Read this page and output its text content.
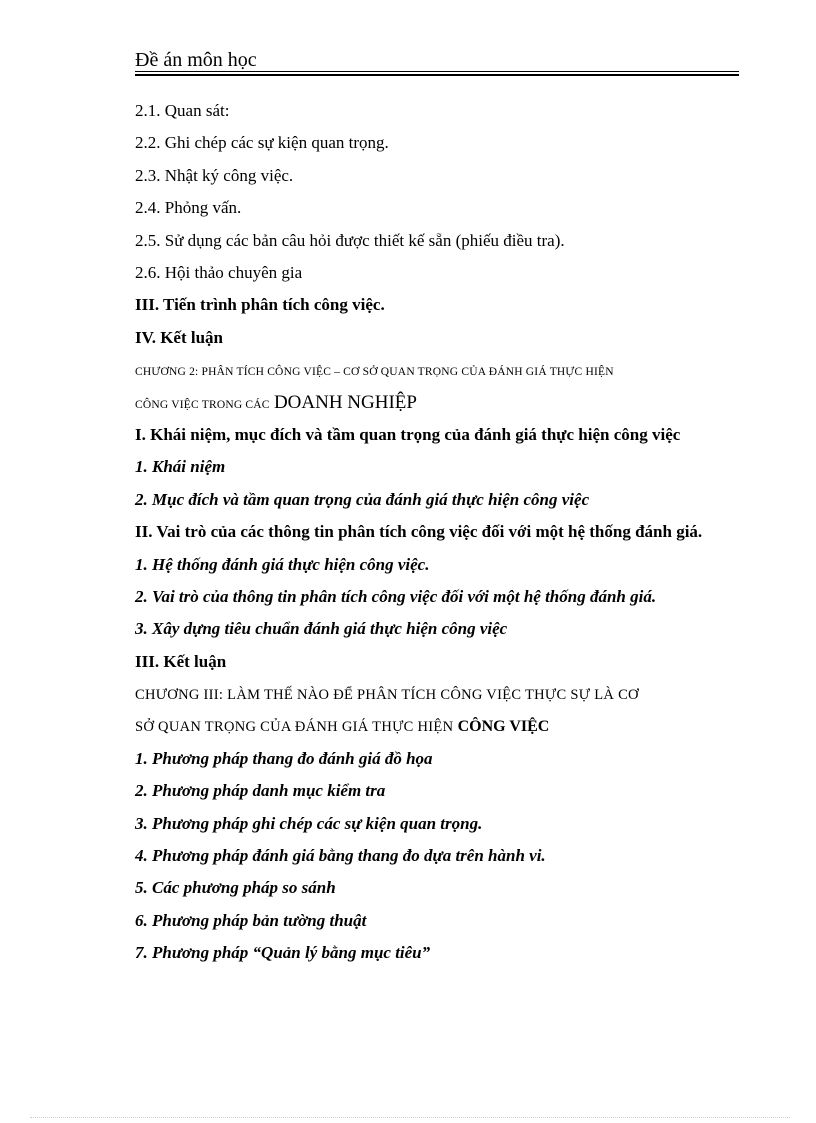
Đề án môn học
2.1. Quan sát:
2.2. Ghi chép các sự kiện quan trọng.
2.3. Nhật ký công việc.
2.4. Phỏng vấn.
2.5. Sử dụng các bản câu hỏi được thiết kế sẵn (phiếu điều tra).
2.6. Hội thảo chuyên gia
III. Tiến trình phân tích công việc.
IV. Kết luận
CHƯƠNG 2: PHÂN TÍCH CÔNG VIỆC – CƠ SỞ QUAN TRỌNG CỦA ĐÁNH GIÁ THỰC HIỆN
CÔNG VIỆC TRONG CÁC DOANH NGHIỆP
I. Khái niệm, mục đích và tầm quan trọng của đánh giá thực hiện công việc
1. Khái niệm
2. Mục đích và tầm quan trọng của đánh giá thực hiện công việc
II. Vai trò của các thông tin phân tích công việc đối với một hệ thống đánh giá.
1. Hệ thống đánh giá thực hiện công việc.
2. Vai trò của thông tin phân tích công việc đối với một hệ thống đánh giá.
3. Xây dựng tiêu chuẩn đánh giá thực hiện công việc
III. Kết luận
CHƯƠNG III: LÀM THẾ NÀO ĐỂ PHÂN TÍCH CÔNG VIỆC THỰC SỰ LÀ CƠ
SỞ QUAN TRỌNG CỦA ĐÁNH GIÁ THỰC HIỆN CÔNG VIỆC
1. Phương pháp thang đo đánh giá đồ họa
2. Phương pháp danh mục kiểm tra
3. Phương pháp ghi chép các sự kiện quan trọng.
4. Phương pháp đánh giá bằng thang đo dựa trên hành vi.
5. Các phương pháp so sánh
6. Phương pháp bản tường thuật
7. Phương pháp “Quản lý bằng mục tiêu”
